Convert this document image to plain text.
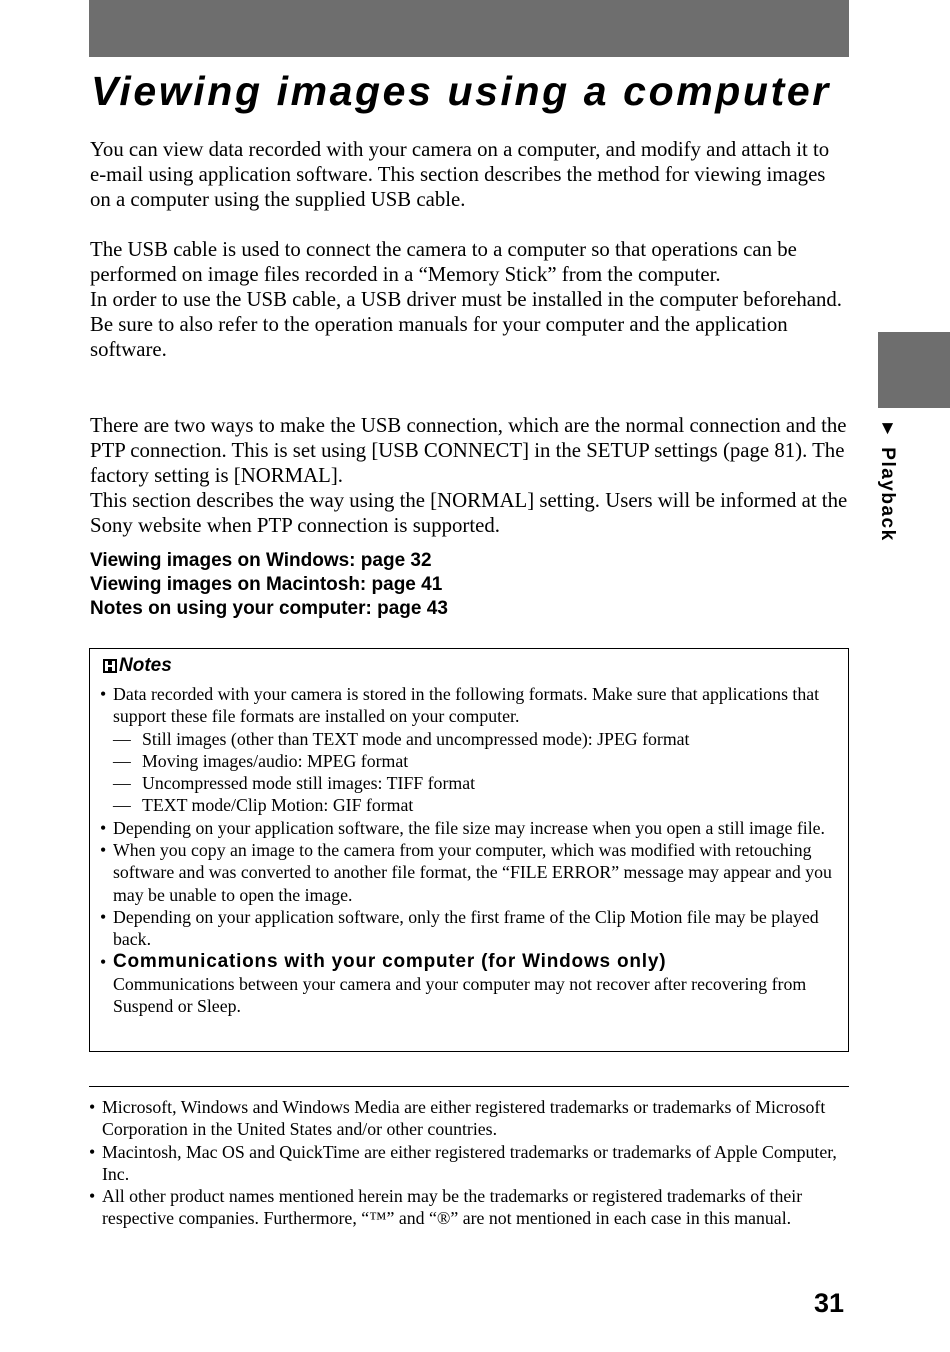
Viewing images using a computer

You can view data recorded with your camera on a computer, and modify and attach it to e-mail using application software. This section describes the method for viewing images on a computer using the supplied USB cable.

The USB cable is used to connect the camera to a computer so that operations can be performed on image files recorded in a “Memory Stick” from the computer.
In order to use the USB cable, a USB driver must be installed in the computer beforehand.
Be sure to also refer to the operation manuals for your computer and the application software.
There are two ways to make the USB connection, which are the normal connection and the PTP connection. This is set using [USB CONNECT] in the SETUP settings (page 81). The factory setting is [NORMAL].
This section describes the way using the [NORMAL] setting. Users will be informed at the Sony website when PTP connection is supported.
Viewing images on Windows: page 32
Viewing images on Macintosh: page 41
Notes on using your computer: page 43
▼ Playback
Notes
• Data recorded with your camera is stored in the following formats. Make sure that applications that support these file formats are installed on your computer.
— Still images (other than TEXT mode and uncompressed mode): JPEG format
— Moving images/audio: MPEG format
— Uncompressed mode still images: TIFF format
— TEXT mode/Clip Motion: GIF format
• Depending on your application software, the file size may increase when you open a still image file.
• When you copy an image to the camera from your computer, which was modified with retouching software and was converted to another file format, the “FILE ERROR” message may appear and you may be unable to open the image.
• Depending on your application software, only the first frame of the Clip Motion file may be played back.
• Communications with your computer (for Windows only)
Communications between your camera and your computer may not recover after recovering from Suspend or Sleep.
• Microsoft, Windows and Windows Media are either registered trademarks or trademarks of Microsoft Corporation in the United States and/or other countries.
• Macintosh, Mac OS and QuickTime are either registered trademarks or trademarks of Apple Computer, Inc.
• All other product names mentioned herein may be the trademarks or registered trademarks of their respective companies. Furthermore, “™” and “®” are not mentioned in each case in this manual.
31
